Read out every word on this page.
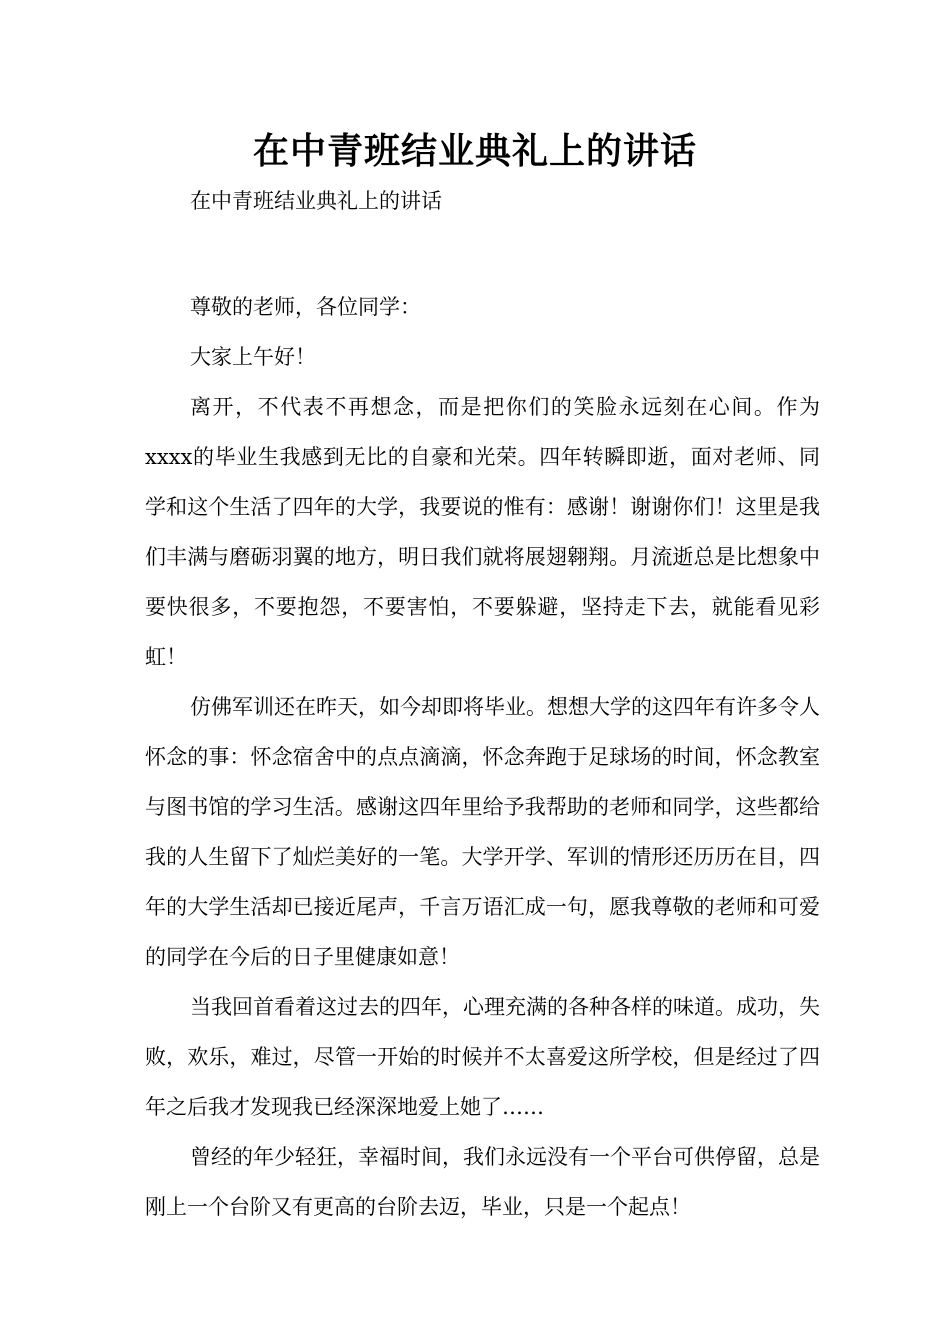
在中青班结业典礼上的讲话
在中青班结业典礼上的讲话

尊敬的老师，各位同学：

大家上午好！

离开，不代表不再想念，而是把你们的笑脸永远刻在心间。作为xxxx的毕业生我感到无比的自豪和光荣。四年转瞬即逝，面对老师、同学和这个生活了四年的大学，我要说的惟有：感谢！谢谢你们！这里是我们丰满与磨砺羽翼的地方，明日我们就将展翅翱翔。月流逝总是比想象中要快很多，不要抱怨，不要害怕，不要躲避，坚持走下去，就能看见彩虹！

仿佛军训还在昨天，如今却即将毕业。想想大学的这四年有许多令人怀念的事：怀念宿舍中的点点滴滴，怀念奔跑于足球场的时间，怀念教室与图书馆的学习生活。感谢这四年里给予我帮助的老师和同学，这些都给我的人生留下了灿烂美好的一笔。大学开学、军训的情形还历历在目，四年的大学生活却已接近尾声，千言万语汇成一句，愿我尊敬的老师和可爱的同学在今后的日子里健康如意！

当我回首看着这过去的四年，心理充满的各种各样的味道。成功，失败，欢乐，难过，尽管一开始的时候并不太喜爱这所学校，但是经过了四年之后我才发现我已经深深地爱上她了……

曾经的年少轻狂，幸福时间，我们永远没有一个平台可供停留，总是刚上一个台阶又有更高的台阶去迈，毕业，只是一个起点！
